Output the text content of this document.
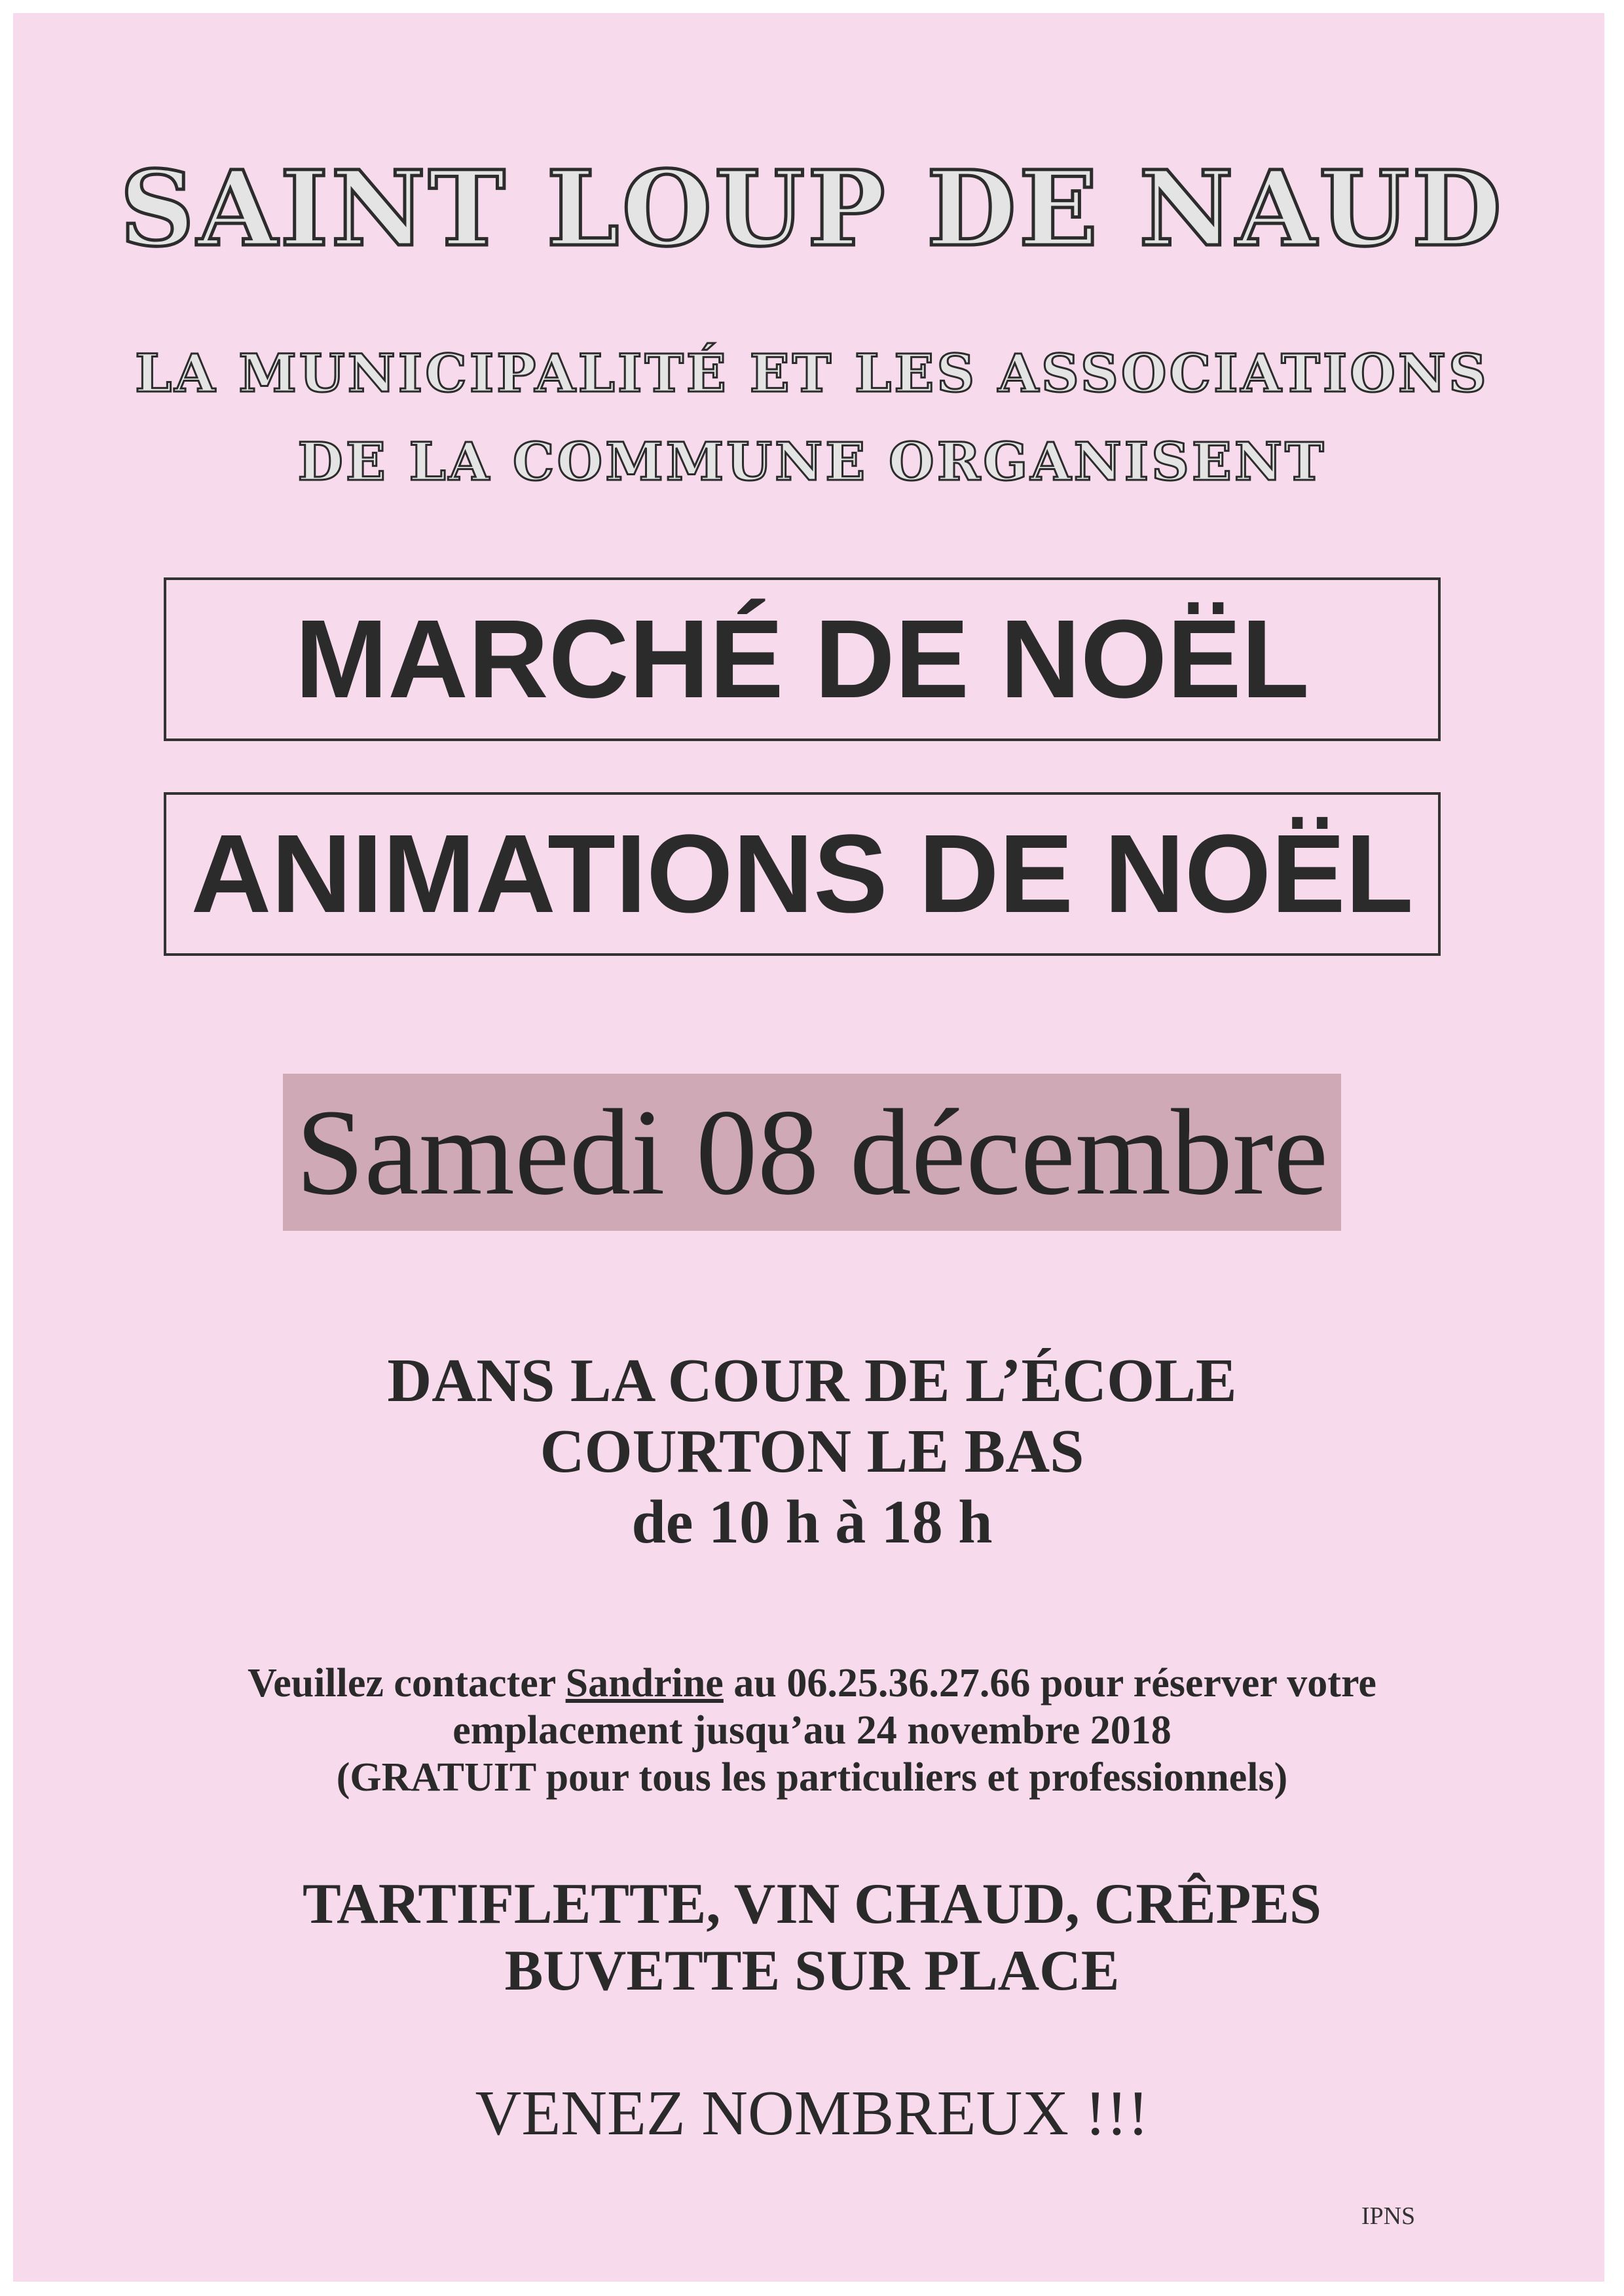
SAINT LOUP DE NAUD
LA MUNICIPALITÉ ET LES ASSOCIATIONS
DE LA COMMUNE ORGANISENT
MARCHÉ DE NOËL
ANIMATIONS DE NOËL
Samedi 08 décembre
DANS LA COUR DE L’ÉCOLE
COURTON LE BAS
de 10 h à 18 h
Veuillez contacter Sandrine au 06.25.36.27.66 pour réserver votre
emplacement jusqu’au 24 novembre 2018
(GRATUIT pour tous les particuliers et professionnels)
TARTIFLETTE, VIN CHAUD, CRÊPES
BUVETTE SUR PLACE
VENEZ NOMBREUX !!!
IPNS
